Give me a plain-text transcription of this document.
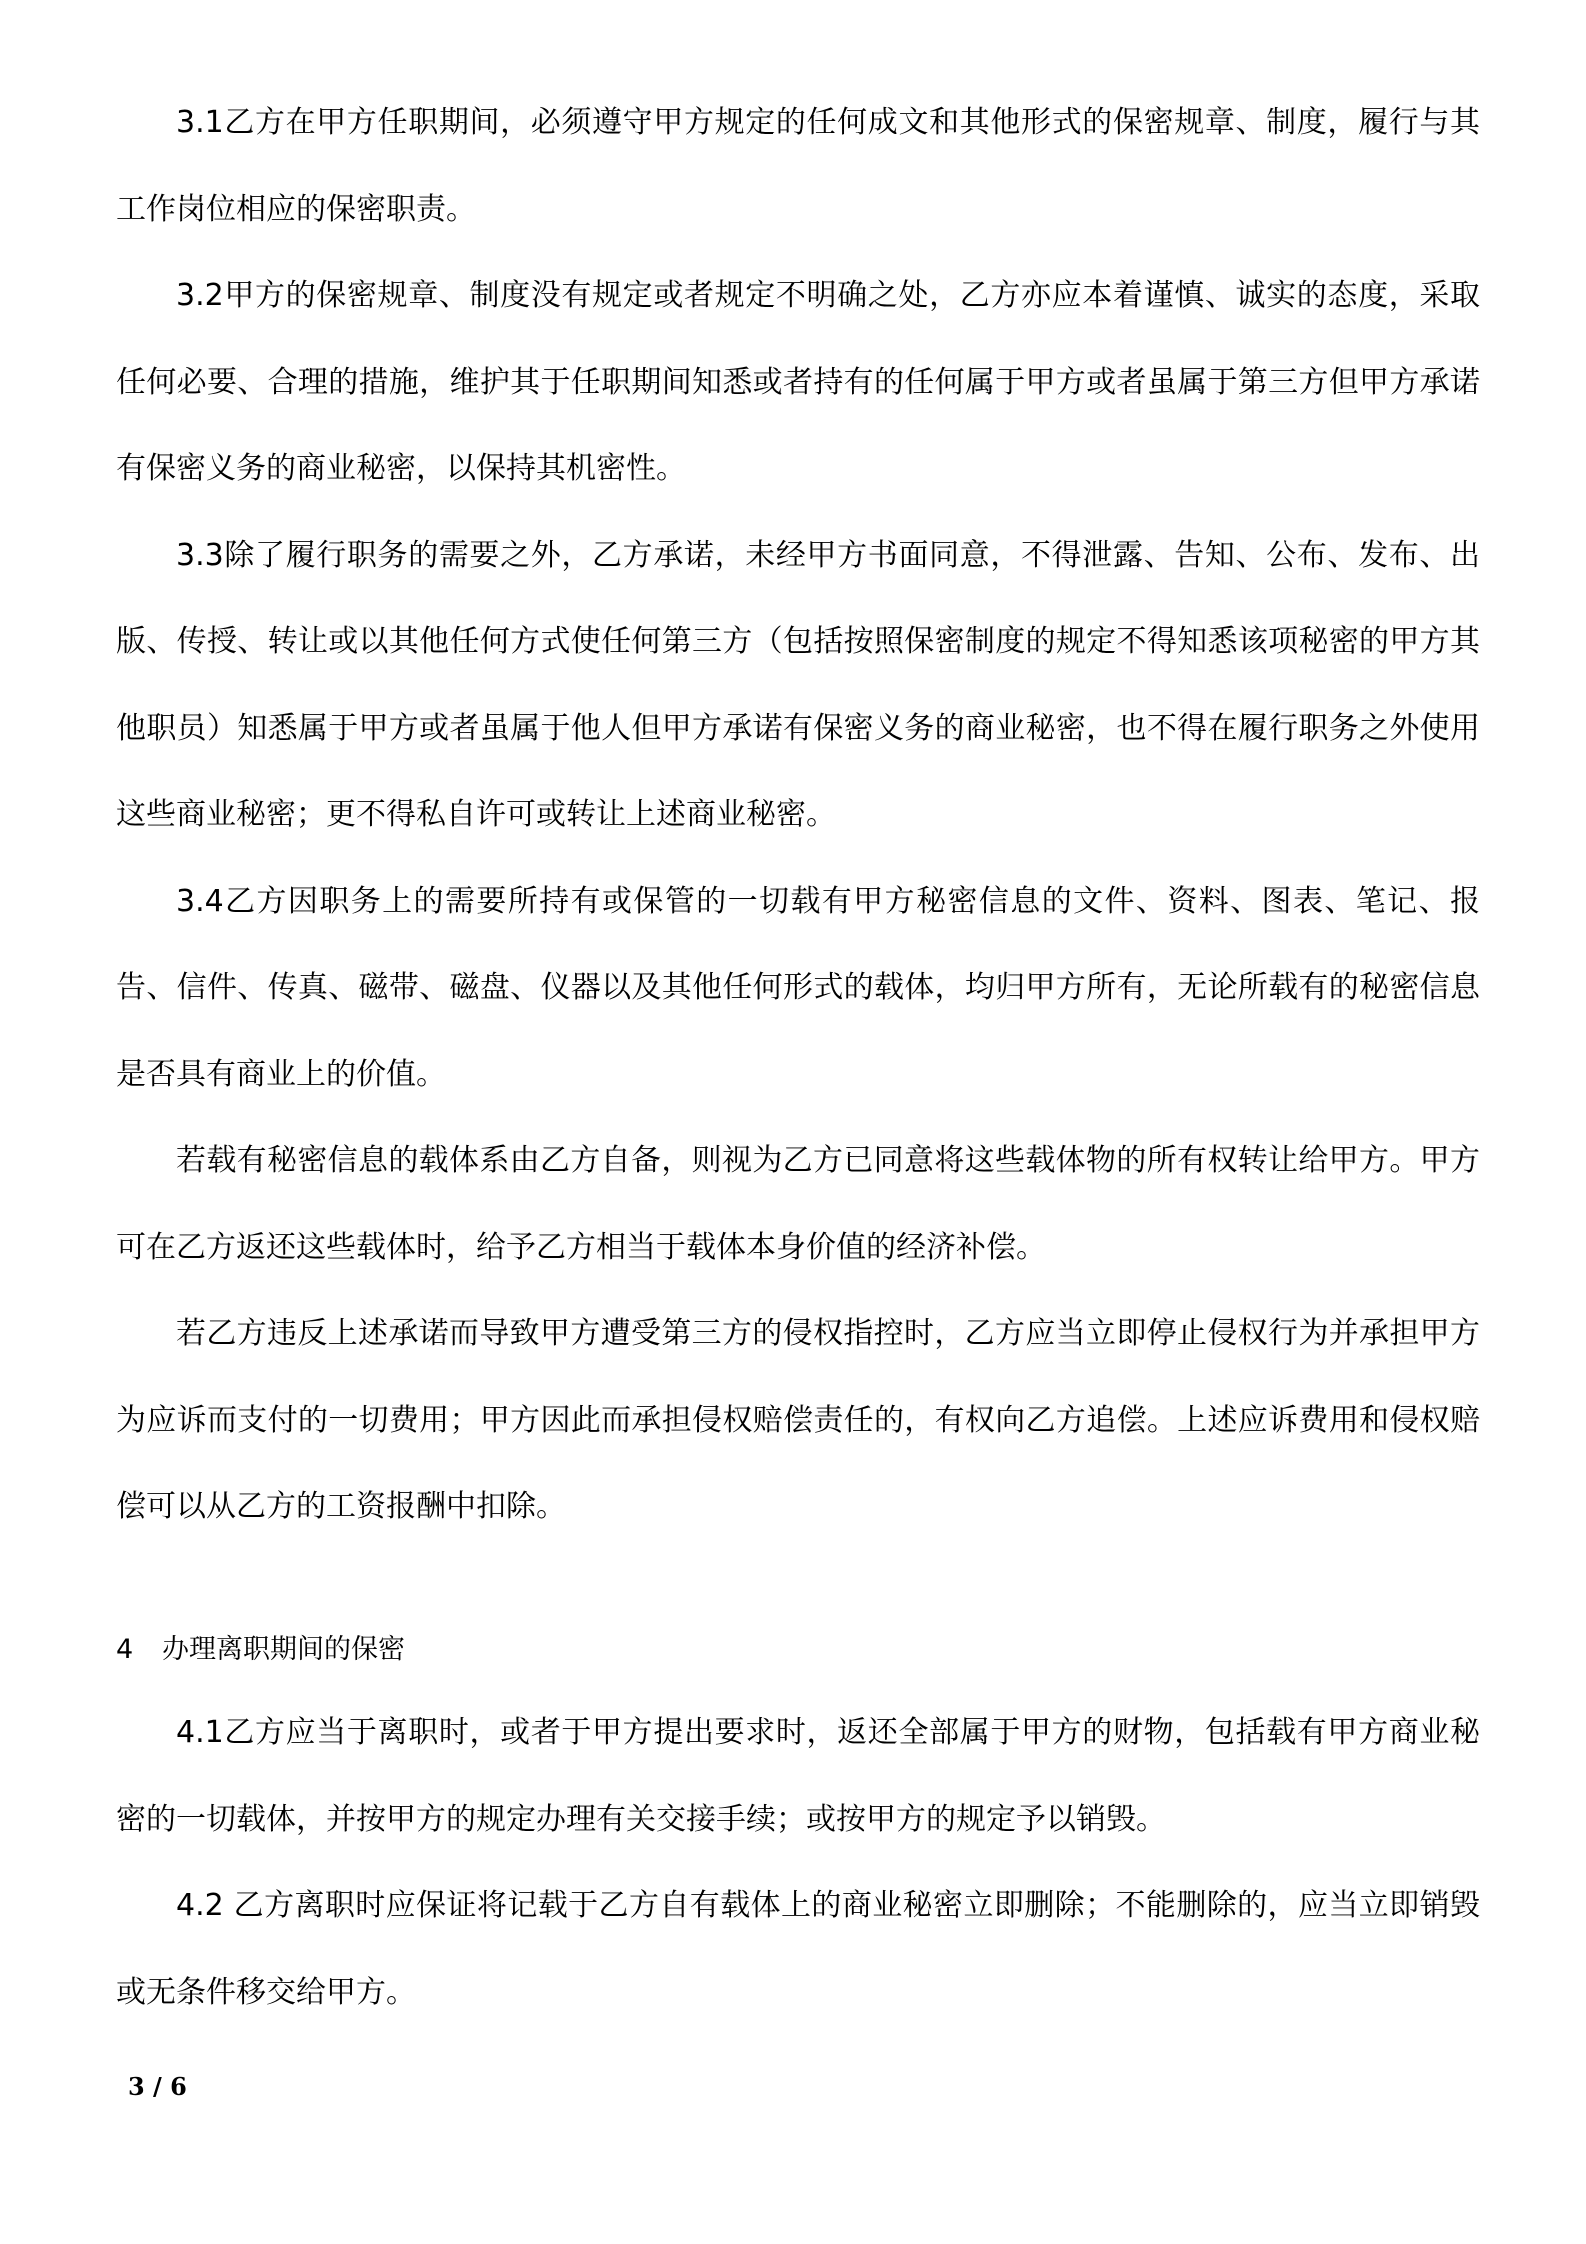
3.1乙方在甲方任职期间，必须遵守甲方规定的任何成文和其他形式的保密规章、制度，履行与其工作岗位相应的保密职责。

3.2甲方的保密规章、制度没有规定或者规定不明确之处，乙方亦应本着谨慎、诚实的态度，采取任何必要、合理的措施，维护其于任职期间知悉或者持有的任何属于甲方或者虽属于第三方但甲方承诺有保密义务的商业秘密，以保持其机密性。

3.3除了履行职务的需要之外，乙方承诺，未经甲方书面同意，不得泄露、告知、公布、发布、出版、传授、转让或以其他任何方式使任何第三方（包括按照保密制度的规定不得知悉该项秘密的甲方其他职员）知悉属于甲方或者虽属于他人但甲方承诺有保密义务的商业秘密，也不得在履行职务之外使用这些商业秘密；更不得私自许可或转让上述商业秘密。

3.4乙方因职务上的需要所持有或保管的一切载有甲方秘密信息的文件、资料、图表、笔记、报告、信件、传真、磁带、磁盘、仪器以及其他任何形式的载体，均归甲方所有，无论所载有的秘密信息是否具有商业上的价值。

若载有秘密信息的载体系由乙方自备，则视为乙方已同意将这些载体物的所有权转让给甲方。甲方可在乙方返还这些载体时，给予乙方相当于载体本身价值的经济补偿。

若乙方违反上述承诺而导致甲方遭受第三方的侵权指控时，乙方应当立即停止侵权行为并承担甲方为应诉而支付的一切费用；甲方因此而承担侵权赔偿责任的，有权向乙方追偿。上述应诉费用和侵权赔偿可以从乙方的工资报酬中扣除。

4 办理离职期间的保密

4.1乙方应当于离职时，或者于甲方提出要求时，返还全部属于甲方的财物，包括载有甲方商业秘密的一切载体，并按甲方的规定办理有关交接手续；或按甲方的规定予以销毁。

4.2 乙方离职时应保证将记载于乙方自有载体上的商业秘密立即删除；不能删除的，应当立即销毁或无条件移交给甲方。

3 / 6
